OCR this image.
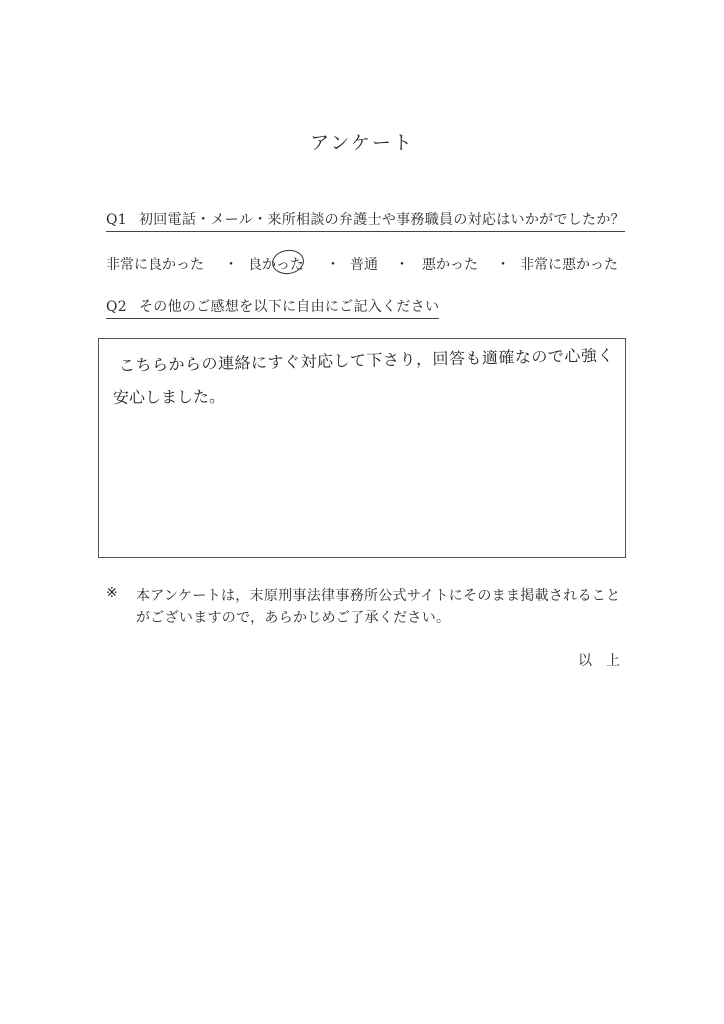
アンケート
Q1 初回電話・メール・来所相談の弁護士や事務職員の対応はいかがでしたか？
非常に良かった ・ 良かった ・ 普通 ・ 悪かった ・ 非常に悪かった
Q2 その他のご感想を以下に自由にご記入ください
こちらからの連絡にすぐ対応して下さり，回答も適確なので心強く
安心しました。
※ 本アンケートは，末原刑事法律事務所公式サイトにそのまま掲載されることがございますので，あらかじめご了承ください。
以上
